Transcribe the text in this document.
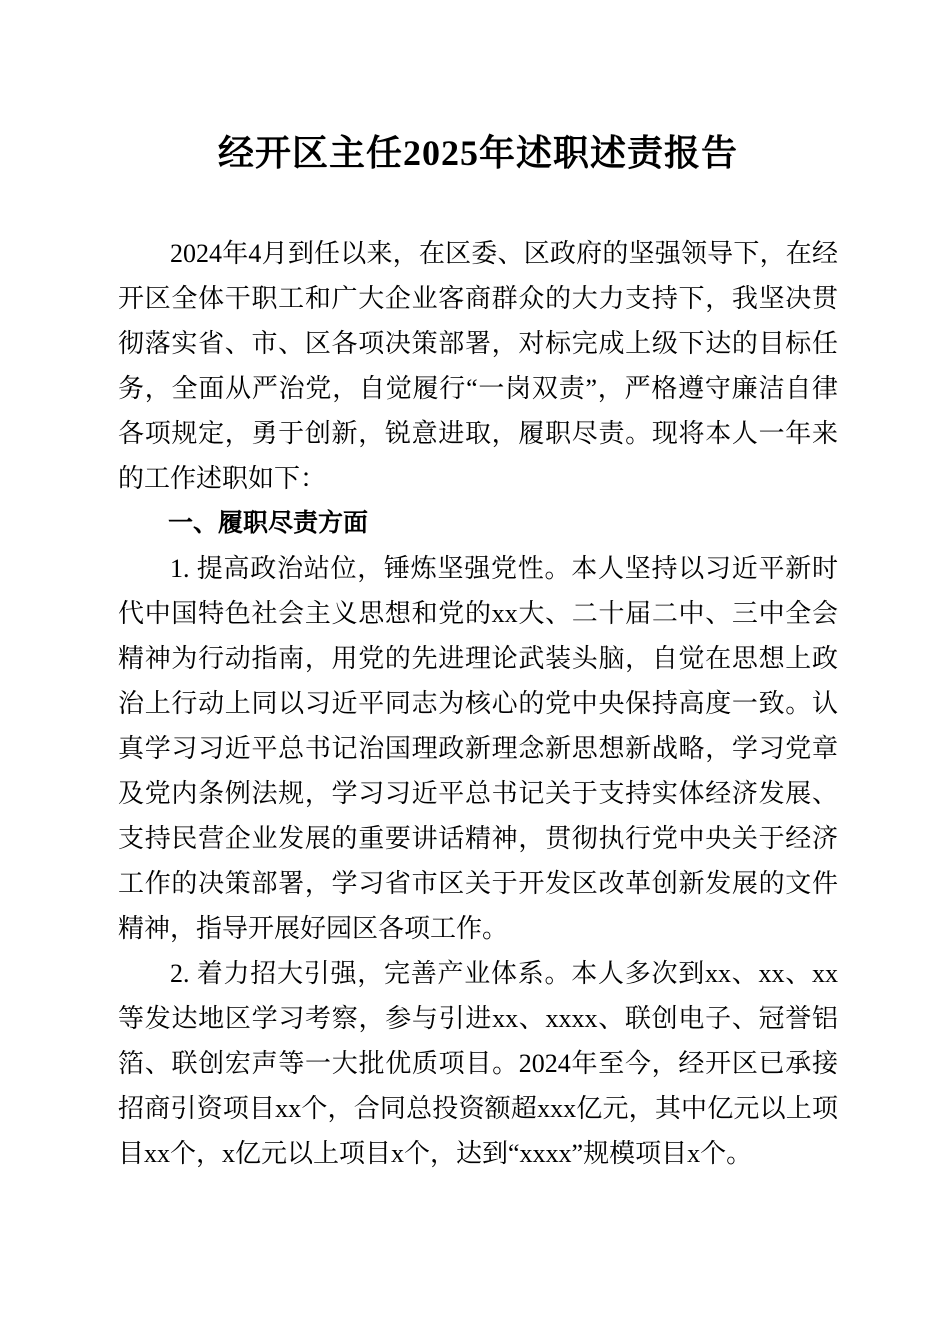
经开区主任2025年述职述责报告

2024年4月到任以来，在区委、区政府的坚强领导下，在经开区全体干职工和广大企业客商群众的大力支持下，我坚决贯彻落实省、市、区各项决策部署，对标完成上级下达的目标任务，全面从严治党，自觉履行“一岗双责”，严格遵守廉洁自律各项规定，勇于创新，锐意进取，履职尽责。现将本人一年来的工作述职如下：

一、履职尽责方面

1. 提高政治站位，锤炼坚强党性。本人坚持以习近平新时代中国特色社会主义思想和党的xx大、二十届二中、三中全会精神为行动指南，用党的先进理论武装头脑，自觉在思想上政治上行动上同以习近平同志为核心的党中央保持高度一致。认真学习习近平总书记治国理政新理念新思想新战略，学习党章及党内条例法规，学习习近平总书记关于支持实体经济发展、支持民营企业发展的重要讲话精神，贯彻执行党中央关于经济工作的决策部署，学习省市区关于开发区改革创新发展的文件精神，指导开展好园区各项工作。

2. 着力招大引强，完善产业体系。本人多次到xx、xx、xx等发达地区学习考察，参与引进xx、xxxx、联创电子、冠誉铝箔、联创宏声等一大批优质项目。2024年至今，经开区已承接招商引资项目xx个，合同总投资额超xxx亿元，其中亿元以上项目xx个，x亿元以上项目x个，达到“xxxx”规模项目x个。
